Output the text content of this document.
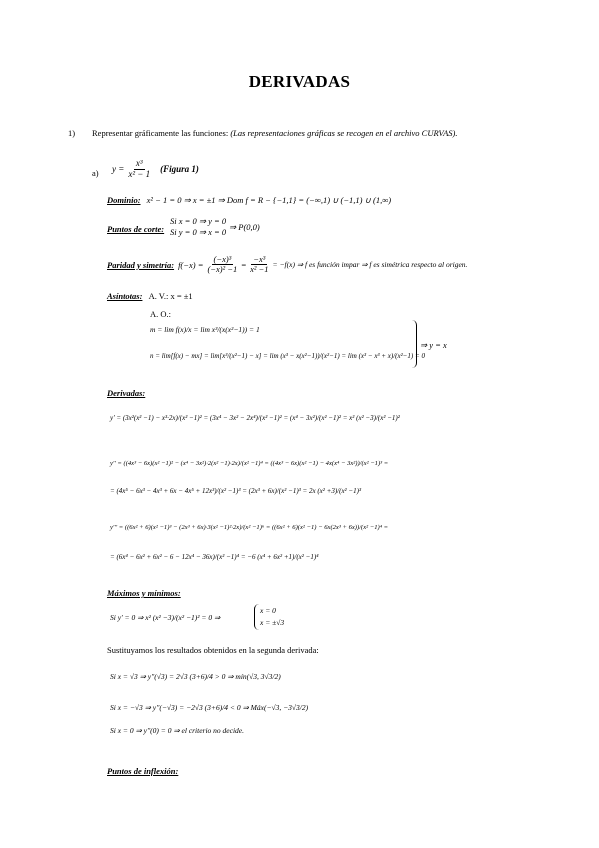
DERIVADAS
1) Representar gráficamente las funciones: (Las representaciones gráficas se recogen en el archivo CURVAS).
a) $y = \frac{\text{x³}}{\text{x² − 1}}$ (Figura 1)
Dominio: x² − 1 = 0 ⇒ x = ±1 ⇒ Dom f = R − {−1,1} = (−∞,1) ∪ (−1,1) ∪ (1,∞)
Puntos de corte:
Si x = 0 ⇒ y = 0
Si y = 0 ⇒ x = 0 ⇒ P(0,0)
Paridad y simetría: $f(-x) = \frac{\text{(−x)³}}{\text{(−x)² −1}} = \frac{\text{−x³}}{\text{x² −1}} = -f(x)$ ⇒ f es función impar ⇒ f es simétrica respecto al origen.
Asíntotas: A. V.: x = ±1
A. O.:
m = lim f(x)/x = lim x³/(x(x²−1)) = 1
n = lim[f(x) − mx] = lim[x³/(x²−1) − x] = lim (x³ − x(x²−1))/(x²−1) = lim (x³ − x³ + x)/(x²−1) = 0
⇒ y = x
Derivadas:
y' = (3x²(x² −1) − x³·2x)/(x² −1)² = (3x⁴ − 3x² − 2x⁴)/(x² −1)² = (x⁴ − 3x²)/(x² −1)² = x² (x² −3)/(x² −1)²
y'' = ((4x³ − 6x)(x² −1)² − (x⁴ − 3x²)·2(x² −1)·2x)/(x² −1)⁴ = ((4x³ − 6x)(x² −1) − 4x(x⁴ − 3x²))/(x² −1)³ =
= (4x⁵ − 6x³ − 4x³ + 6x − 4x⁵ + 12x³)/(x² −1)³ = (2x³ + 6x)/(x² −1)³ = 2x (x² +3)/(x² −1)³
y''' = ((6x² + 6)(x² −1)³ − (2x³ + 6x)·3(x² −1)²·2x)/(x² −1)⁶ = ((6x² + 6)(x² −1) − 6x(2x³ + 6x))/(x² −1)⁴ =
= (6x⁴ − 6x² + 6x² − 6 − 12x⁴ − 36x)/(x² −1)⁴ = −6 (x⁴ + 6x² +1)/(x² −1)⁴
Máximos y mínimos:
Si y' = 0 ⇒ x² (x² −3)/(x² −1)² = 0 ⇒
x = 0
x = ±√3
Sustituyamos los resultados obtenidos en la segunda derivada:
Si x = √3 ⇒ y''(√3) = 2√3 (3+6)/4 > 0 ⇒ mín(√3, 3√3/2)
Si x = −√3 ⇒ y''(−√3) = −2√3 (3+6)/4 < 0 ⇒ Máx(−√3, −3√3/2)
Si x = 0 ⇒ y''(0) = 0 ⇒ el criterio no decide.
Puntos de inflexión:
